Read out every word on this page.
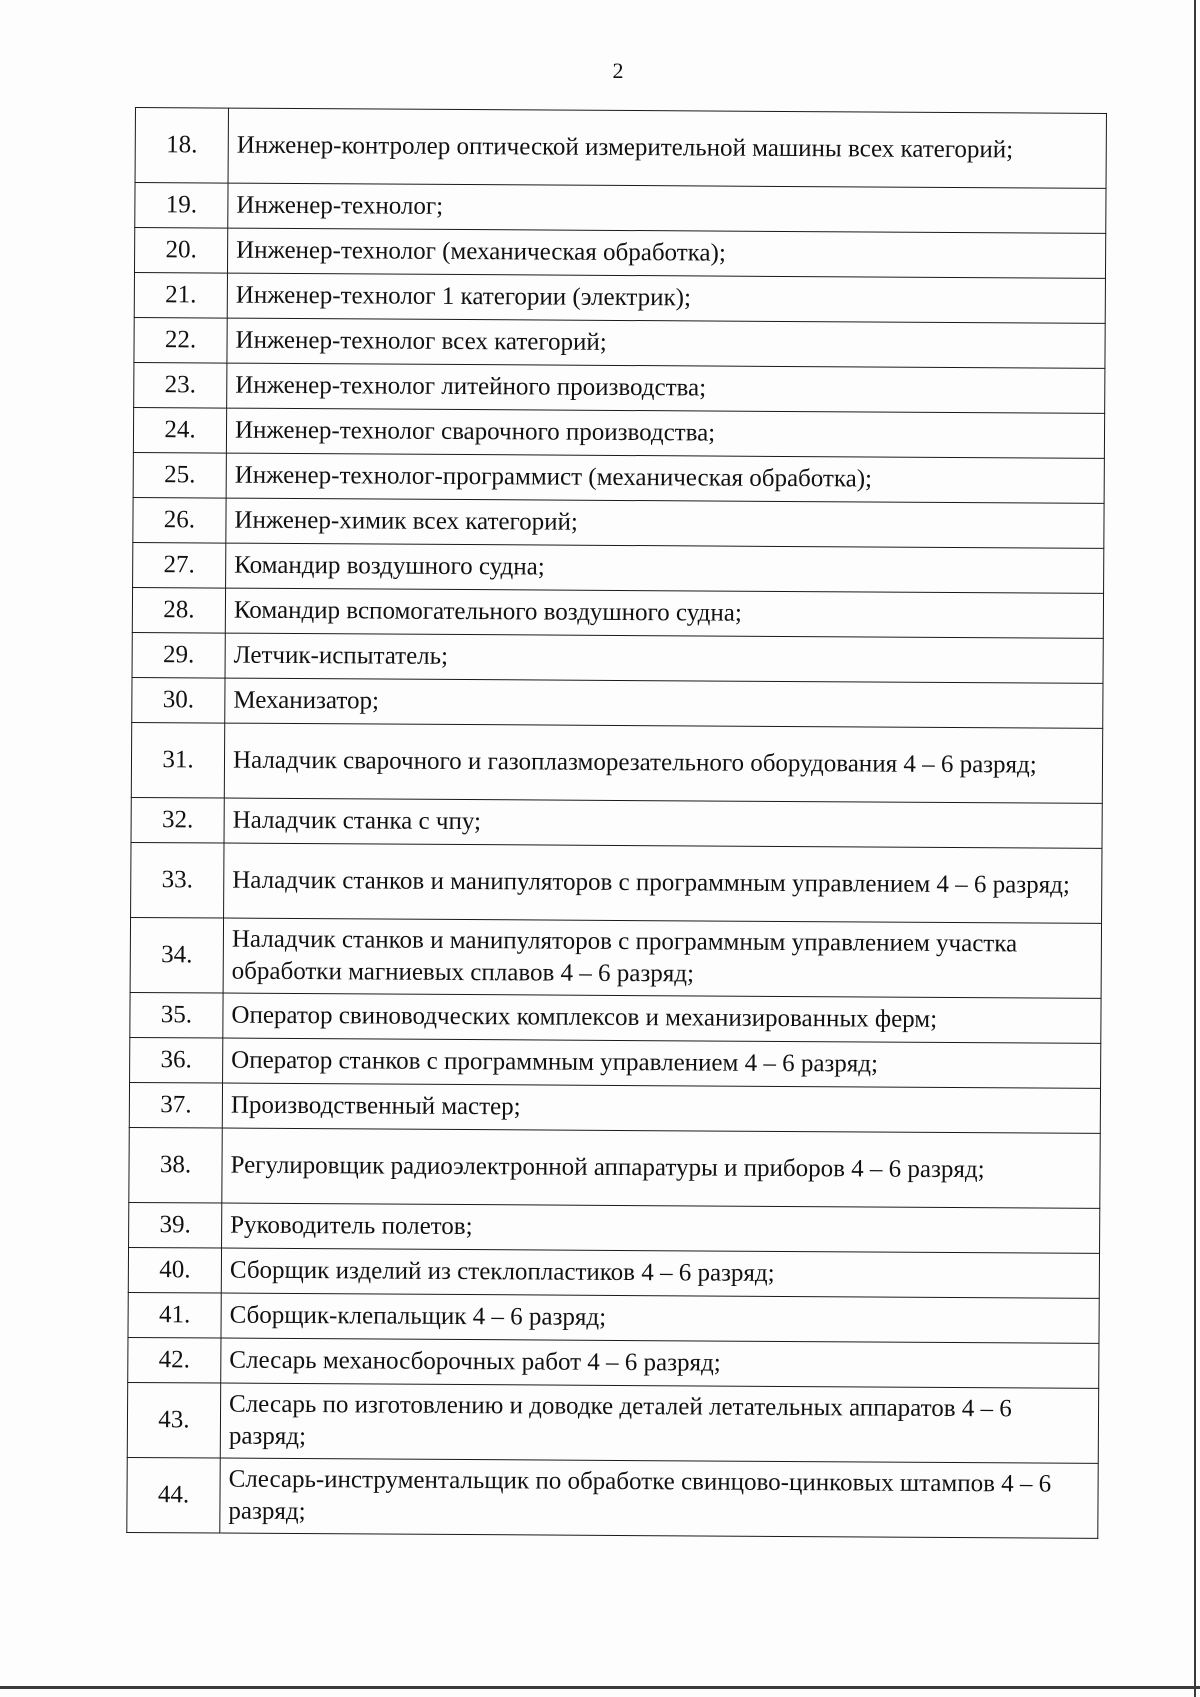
2
18.	Инженер-контролер оптической измерительной машины всех категорий;
19.	Инженер-технолог;
20.	Инженер-технолог (механическая обработка);
21.	Инженер-технолог 1 категории (электрик);
22.	Инженер-технолог всех категорий;
23.	Инженер-технолог литейного производства;
24.	Инженер-технолог сварочного производства;
25.	Инженер-технолог-программист (механическая обработка);
26.	Инженер-химик всех категорий;
27.	Командир воздушного судна;
28.	Командир вспомогательного воздушного судна;
29.	Летчик-испытатель;
30.	Механизатор;
31.	Наладчик сварочного и газоплазморезательного оборудования 4 – 6 разряд;
32.	Наладчик станка с чпу;
33.	Наладчик станков и манипуляторов с программным управлением 4 – 6 разряд;
34.	Наладчик станков и манипуляторов с программным управлением участка обработки магниевых сплавов 4 – 6 разряд;
35.	Оператор свиноводческих комплексов и механизированных ферм;
36.	Оператор станков с программным управлением 4 – 6 разряд;
37.	Производственный мастер;
38.	Регулировщик радиоэлектронной аппаратуры и приборов 4 – 6 разряд;
39.	Руководитель полетов;
40.	Сборщик изделий из стеклопластиков 4 – 6 разряд;
41.	Сборщик-клепальщик 4 – 6 разряд;
42.	Слесарь механосборочных работ 4 – 6 разряд;
43.	Слесарь по изготовлению и доводке деталей летательных аппаратов 4 – 6 разряд;
44.	Слесарь-инструментальщик по обработке свинцово-цинковых штампов 4 – 6 разряд;
